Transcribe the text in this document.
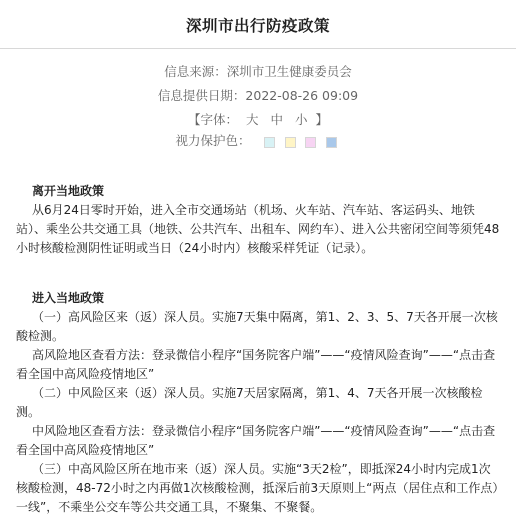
深圳市出行防疫政策
信息来源：深圳市卫生健康委员会
信息提供日期：2022-08-26 09:09
【字体： 大 中 小 】
视力保护色：

离开当地政策

从6月24日零时开始，进入全市交通场站（机场、火车站、汽车站、客运码头、地铁站）、乘坐公共交通工具（地铁、公共汽车、出租车、网约车）、进入公共密闭空间等须凭48小时核酸检测阴性证明或当日（24小时内）核酸采样凭证（记录）。

进入当地政策

（一）高风险区来（返）深人员。实施7天集中隔离，第1、2、3、5、7天各开展一次核酸检测。

高风险地区查看方法：登录微信小程序“国务院客户端”——“疫情风险查询”——“点击查看全国中高风险疫情地区”

（二）中风险区来（返）深人员。实施7天居家隔离，第1、4、7天各开展一次核酸检测。

中风险地区查看方法：登录微信小程序“国务院客户端”——“疫情风险查询”——“点击查看全国中高风险疫情地区”

（三）中高风险区所在地市来（返）深人员。实施“3天2检”，即抵深24小时内完成1次核酸检测，48-72小时之内再做1次核酸检测，抵深后前3天原则上“两点（居住点和工作点）一线”，不乘坐公交车等公共交通工具，不聚集、不聚餐。
